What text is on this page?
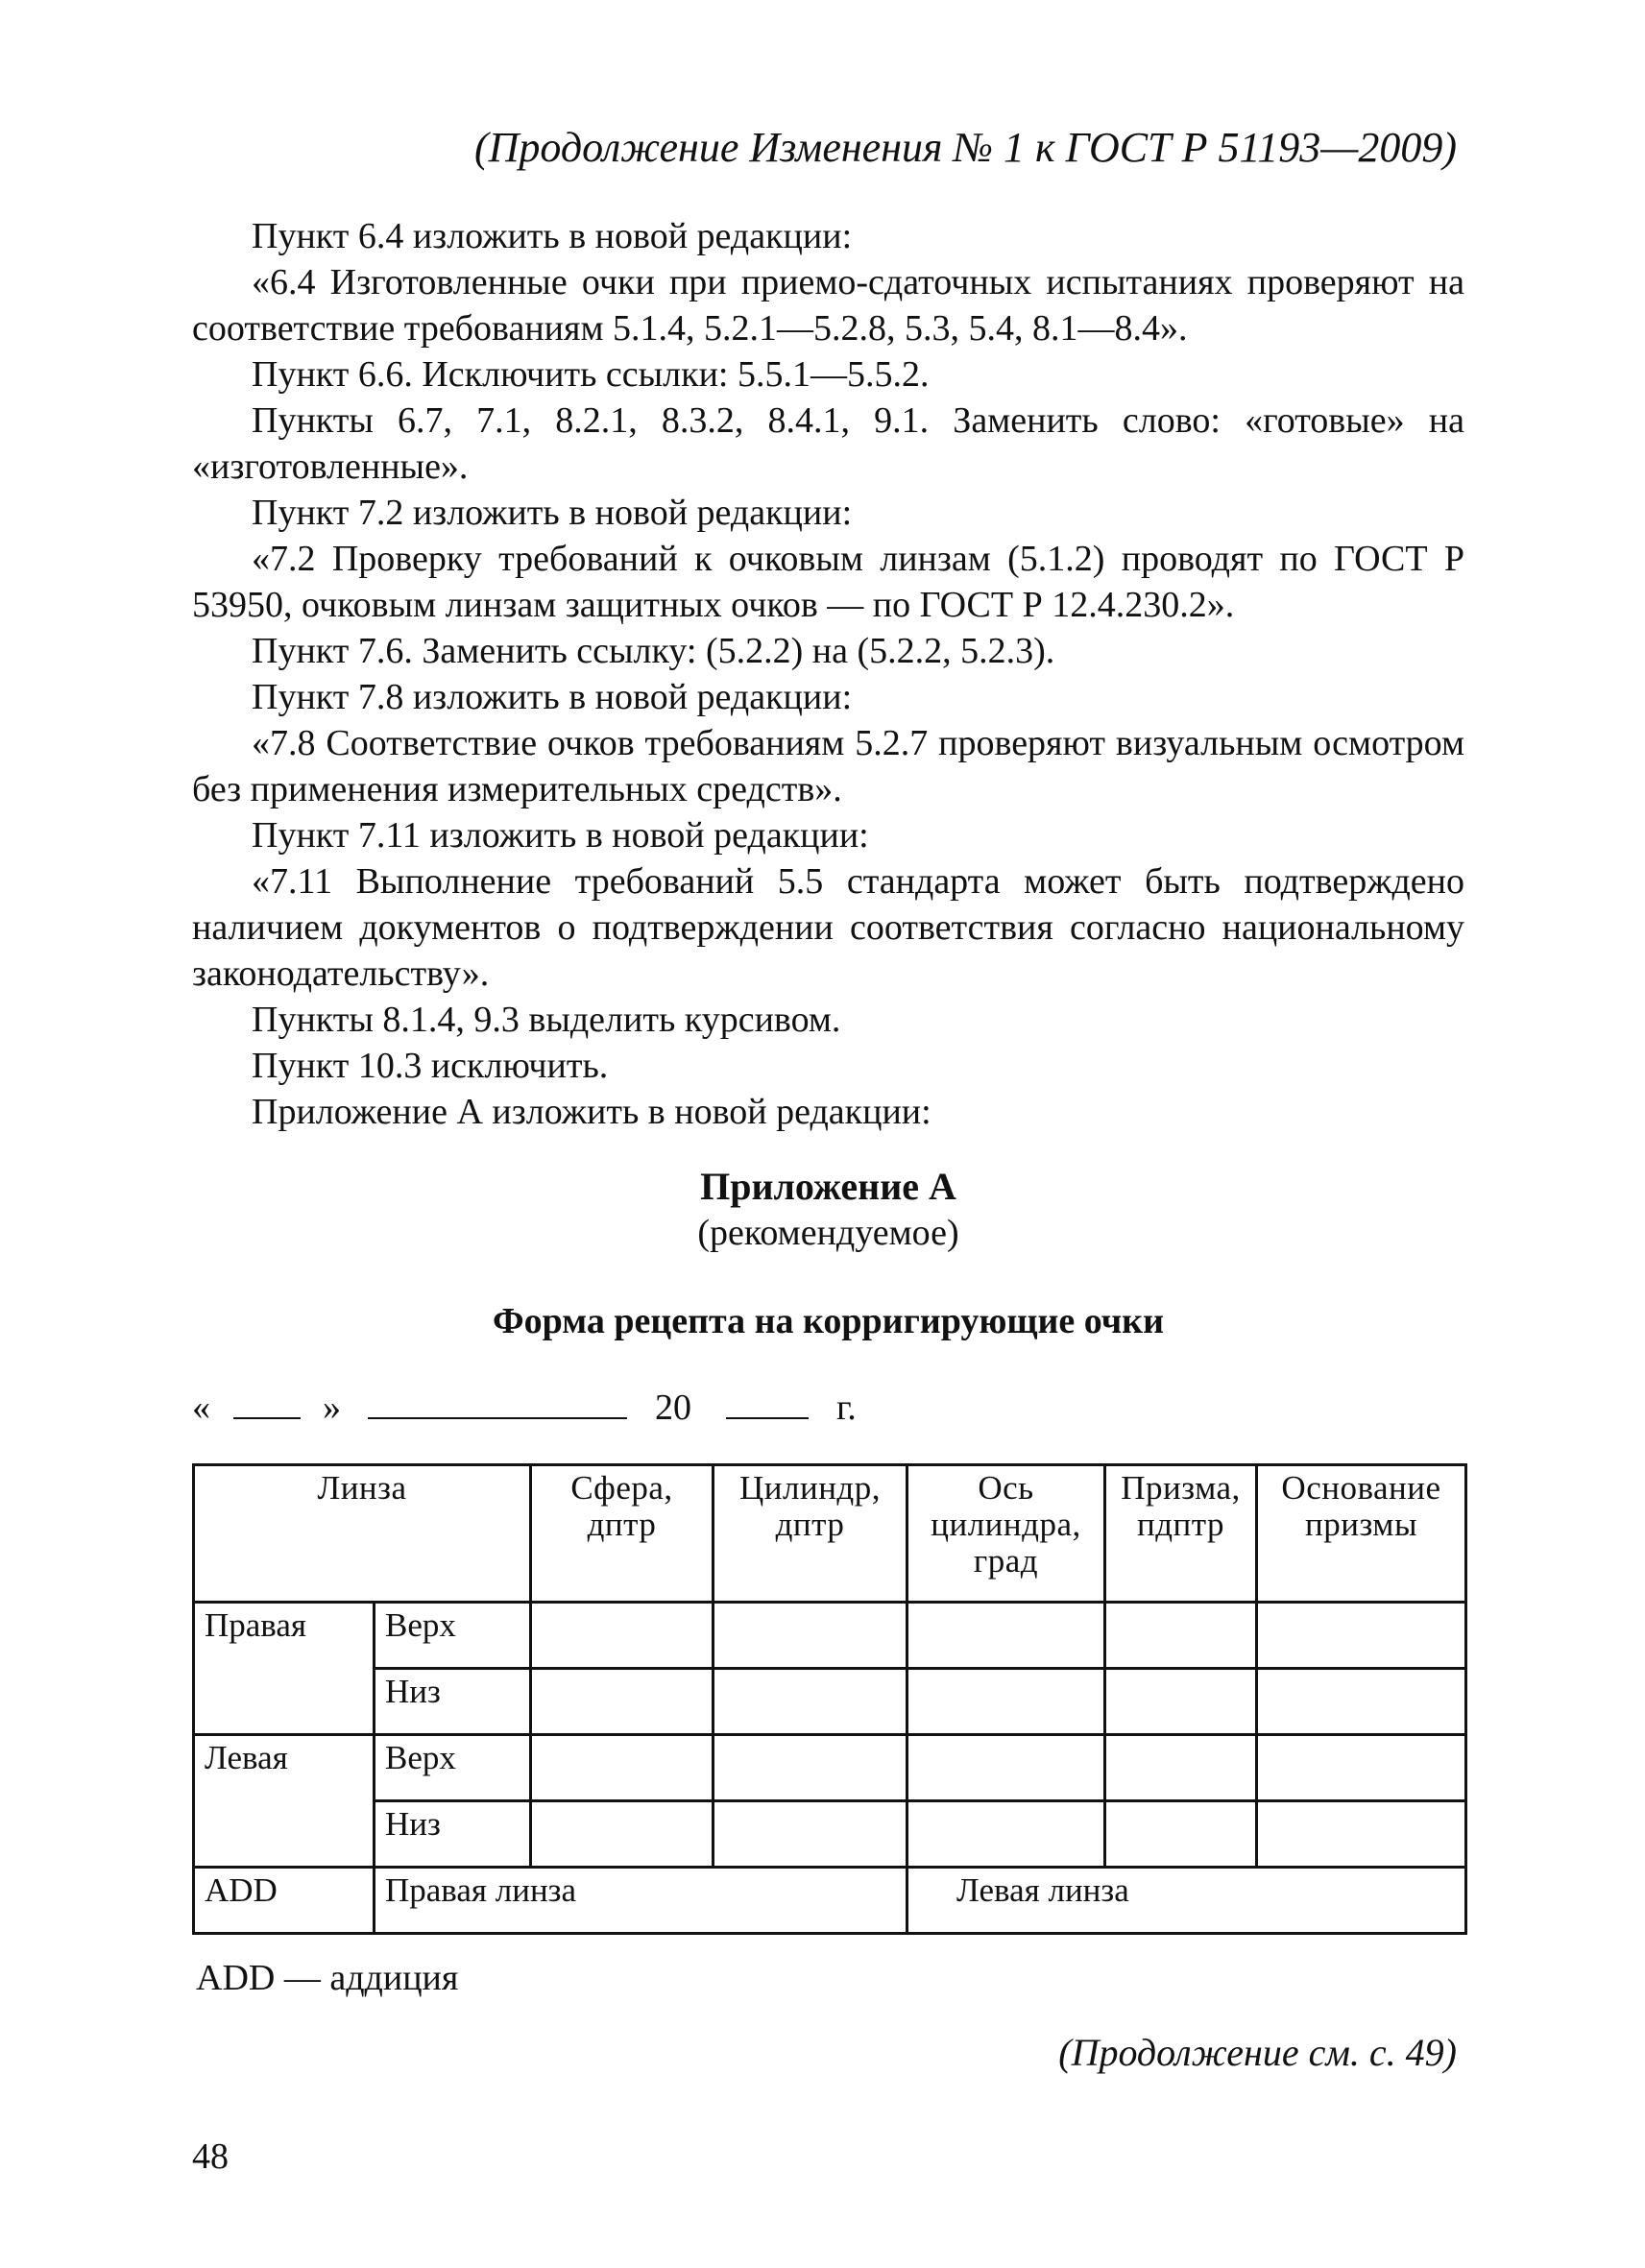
(Продолжение Изменения № 1 к ГОСТ Р 51193—2009)

Пункт 6.4 изложить в новой редакции:

«6.4 Изготовленные очки при приемо-сдаточных испытаниях проверяют на соответствие требованиям 5.1.4, 5.2.1—5.2.8, 5.3, 5.4, 8.1—8.4».

Пункт 6.6. Исключить ссылки: 5.5.1—5.5.2.

Пункты 6.7, 7.1, 8.2.1, 8.3.2, 8.4.1, 9.1. Заменить слово: «готовые» на «изготовленные».

Пункт 7.2 изложить в новой редакции:

«7.2 Проверку требований к очковым линзам (5.1.2) проводят по ГОСТ Р 53950, очковым линзам защитных очков — по ГОСТ Р 12.4.230.2».

Пункт 7.6. Заменить ссылку: (5.2.2) на (5.2.2, 5.2.3).

Пункт 7.8 изложить в новой редакции:

«7.8 Соответствие очков требованиям 5.2.7 проверяют визуальным осмотром без применения измерительных средств».

Пункт 7.11 изложить в новой редакции:

«7.11 Выполнение требований 5.5 стандарта может быть подтверждено наличием документов о подтверждении соответствия согласно национальному законодательству».

Пункты 8.1.4, 9.3 выделить курсивом.

Пункт 10.3 исключить.

Приложение А изложить в новой редакции:

Приложение А
(рекомендуемое)
Форма рецепта на корригирующие очки
«	»	20	г.
Линза		Сфера, дптр	Цилиндр, дптр	Ось цилиндра, град	Призма, пдптр	Основание призмы
Правая	Верх					
	Низ					
Левая	Верх					
	Низ					
ADD	Правая линза			Левая линза		
ADD — аддиция
(Продолжение см. с. 49)
48
